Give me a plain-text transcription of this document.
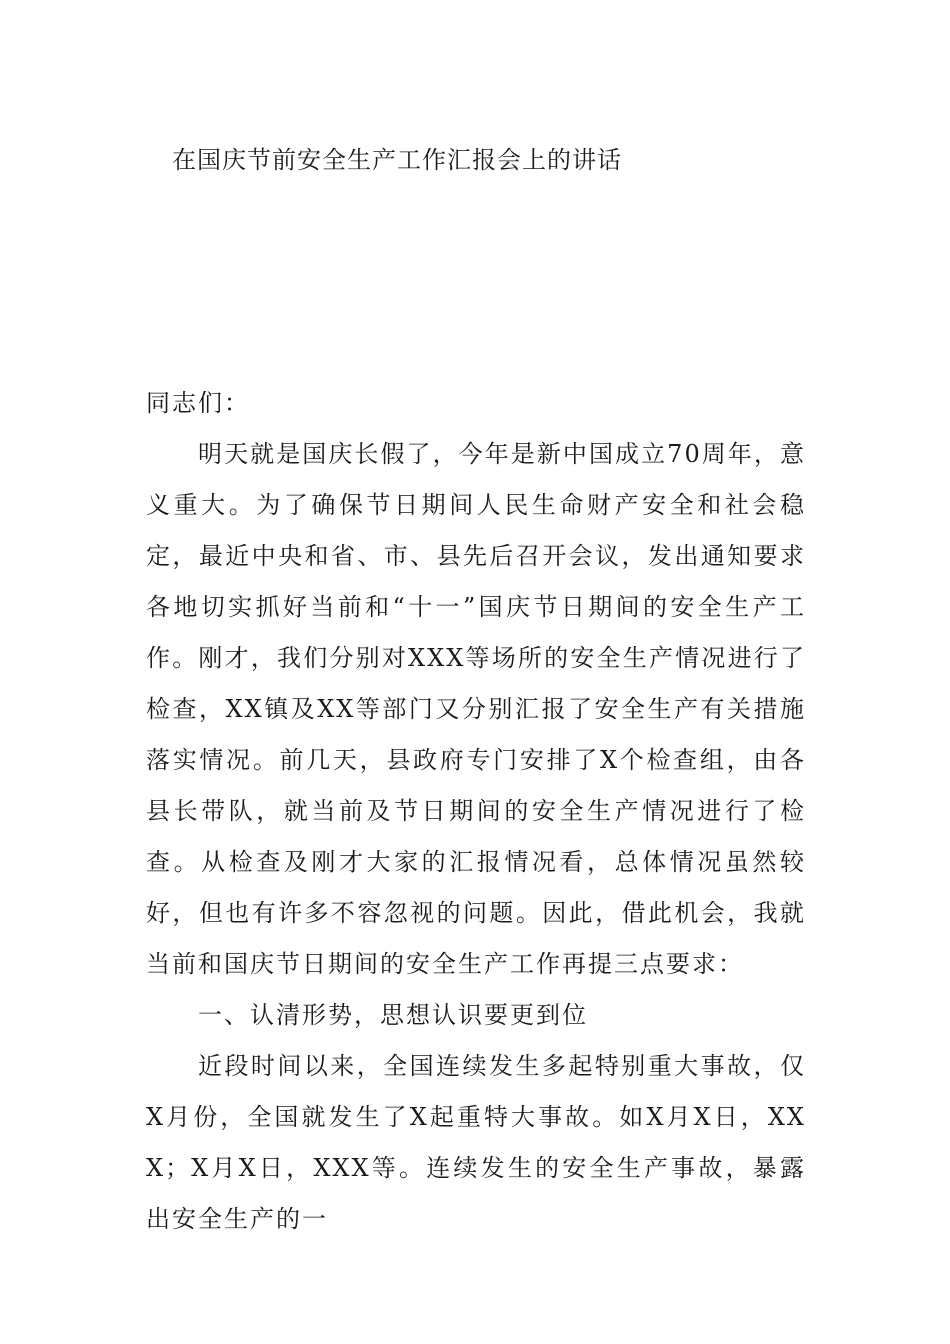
在国庆节前安全生产工作汇报会上的讲话

同志们：

明天就是国庆长假了，今年是新中国成立70周年，意义重大。为了确保节日期间人民生命财产安全和社会稳定，最近中央和省、市、县先后召开会议，发出通知要求各地切实抓好当前和“十一”国庆节日期间的安全生产工作。刚才，我们分别对XXX等场所的安全生产情况进行了检查，XX镇及XX等部门又分别汇报了安全生产有关措施落实情况。前几天，县政府专门安排了X个检查组，由各县长带队，就当前及节日期间的安全生产情况进行了检查。从检查及刚才大家的汇报情况看，总体情况虽然较好，但也有许多不容忽视的问题。因此，借此机会，我就当前和国庆节日期间的安全生产工作再提三点要求：

一、认清形势，思想认识要更到位

近段时间以来，全国连续发生多起特别重大事故，仅X月份，全国就发生了X起重特大事故。如X月X日，XXX；X月X日，XXX等。连续发生的安全生产事故，暴露出安全生产的一
